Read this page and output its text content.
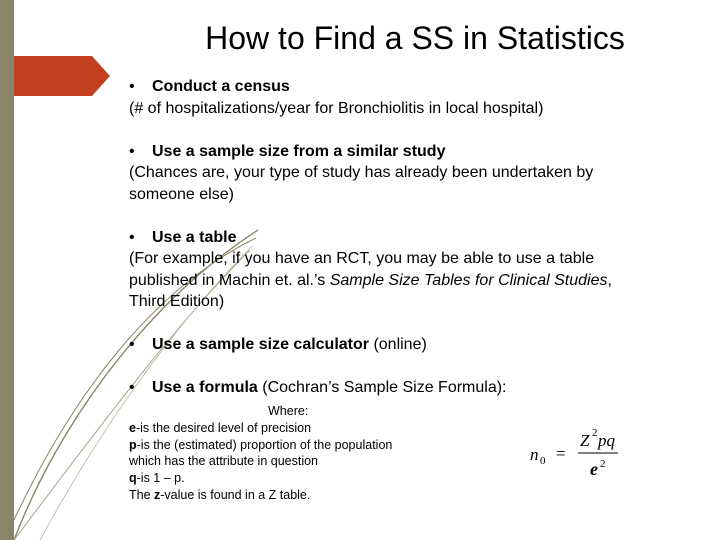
How to Find a SS in Statistics

• Conduct a census
(# of hospitalizations/year for Bronchiolitis in local hospital)

• Use a sample size from a similar study
(Chances are, your type of study has already been undertaken by
someone else)

• Use a table
(For example, if you have an RCT, you may be able to use a table
published in Machin et. al.’s Sample Size Tables for Clinical Studies,
Third Edition)

• Use a sample size calculator (online)

• Use a formula (Cochran’s Sample Size Formula):

Where:
e-is the desired level of precision
p-is the (estimated) proportion of the population
which has the attribute in question
q-is 1 – p.
The z-value is found in a Z table.
n 0 =
Z 2 pq
e 2
